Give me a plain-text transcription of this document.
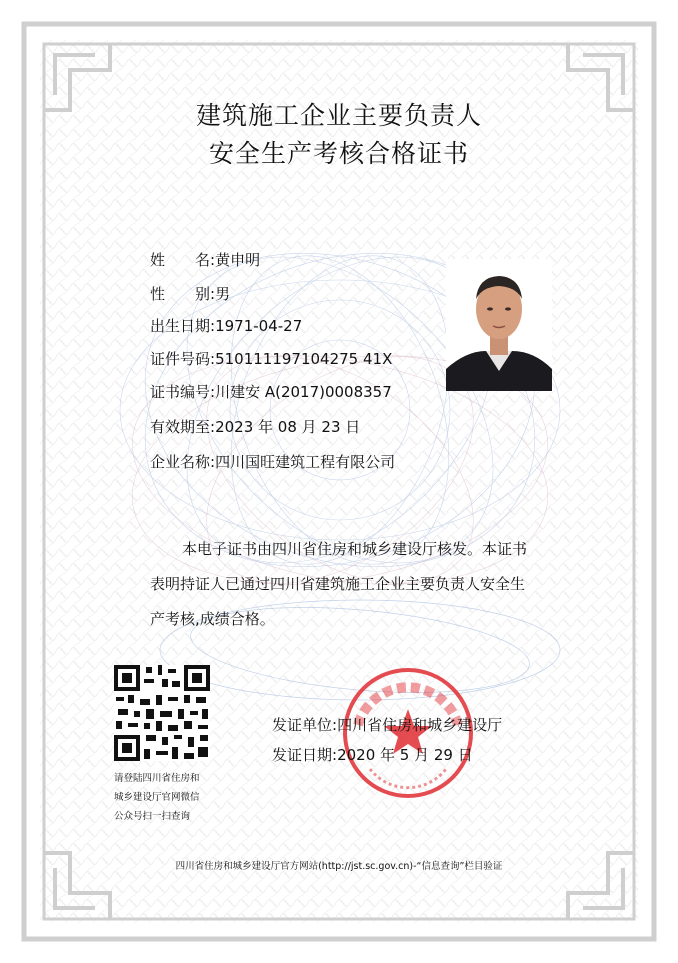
建筑施工企业主要负责人
安全生产考核合格证书
姓 名:黄申明
性 别:男
出生日期:1971-04-27
证件号码:510111197104275 41X
证书编号:川建安 A(2017)0008357
有效期至:2023 年 08 月 23 日
企业名称:四川国旺建筑工程有限公司
本电子证书由四川省住房和城乡建设厅核发。本证书表明持证人已通过四川省建筑施工企业主要负责人安全生产考核,成绩合格。
请登陆四川省住房和
城乡建设厅官网微信
公众号扫一扫查询
发证单位:四川省住房和城乡建设厅
发证日期:2020 年 5 月 29 日
四川省住房和城乡建设厅官方网站(http://jst.sc.gov.cn)-“信息查询”栏目验证
